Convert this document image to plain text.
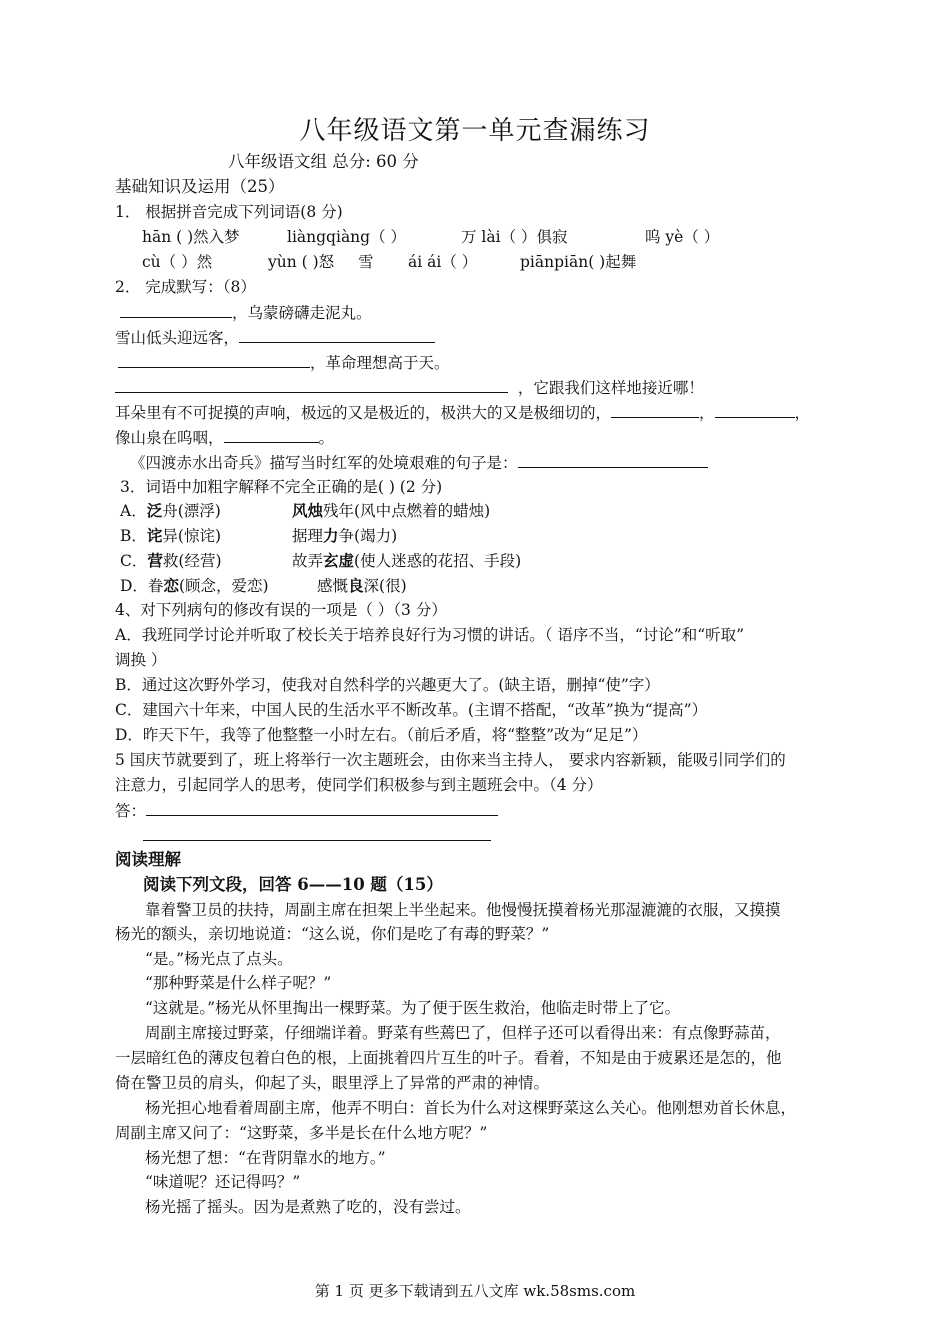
八年级语文第一单元查漏练习
八年级语文组 总分: 60 分
基础知识及运用（25）
1． 根据拼音完成下列词语(8 分)
hān ( )然入梦	liàngqiàng（ ）	万 lài（ ）俱寂	呜 yè（ ）
cù（ ）然	yùn ( )怒 雪 ái ái（ ）	piānpiān( )起舞
2． 完成默写：（8）
，乌蒙磅礴走泥丸。
雪山低头迎远客，
，革命理想高于天。
，它跟我们这样地接近哪！
耳朵里有不可捉摸的声响，极远的又是极近的，极洪大的又是极细切的，	，	，
像山泉在呜咽，	。
《四渡赤水出奇兵》描写当时红军的处境艰难的句子是：
3．词语中加粗字解释不完全正确的是( ) (2 分)
A．泛舟(漂浮)	风烛残年(风中点燃着的蜡烛)
B．诧异(惊诧)	据理力争(竭力)
C．营救(经营)	故弄玄虚(使人迷惑的花招、手段)
D．眷恋(顾念，爱恋)	感慨良深(很)
4、对下列病句的修改有误的一项是（ ）（3 分）
A．我班同学讨论并听取了校长关于培养良好行为习惯的讲话。（ 语序不当，“讨论”和“听取”
调换 ）
B．通过这次野外学习，使我对自然科学的兴趣更大了。(缺主语，删掉“使”字）
C．建国六十年来，中国人民的生活水平不断改革。(主谓不搭配，“改革”换为“提高”）
D．昨天下午，我等了他整整一小时左右。（前后矛盾，将“整整”改为“足足”）
5 国庆节就要到了，班上将举行一次主题班会，由你来当主持人， 要求内容新颖，能吸引同学们的
注意力，引起同学人的思考，使同学们积极参与到主题班会中。（4 分）
答：
阅读理解
阅读下列文段，回答 6——10 题（15）
靠着警卫员的扶持，周副主席在担架上半坐起来。他慢慢抚摸着杨光那湿漉漉的衣服，又摸摸
杨光的额头，亲切地说道：“这么说，你们是吃了有毒的野菜？”
“是。”杨光点了点头。
“那种野菜是什么样子呢？”
“这就是。”杨光从怀里掏出一棵野菜。为了便于医生救治，他临走时带上了它。
周副主席接过野菜，仔细端详着。野菜有些蔫巴了，但样子还可以看得出来：有点像野蒜苗，
一层暗红色的薄皮包着白色的根，上面挑着四片互生的叶子。看着，不知是由于疲累还是怎的，他
倚在警卫员的肩头，仰起了头，眼里浮上了异常的严肃的神情。
杨光担心地看着周副主席，他弄不明白：首长为什么对这棵野菜这么关心。他刚想劝首长休息，
周副主席又问了：“这野菜，多半是长在什么地方呢？”
杨光想了想：“在背阴靠水的地方。”
“味道呢？还记得吗？”
杨光摇了摇头。因为是煮熟了吃的，没有尝过。
第 1 页 更多下载请到五八文库 wk.58sms.com
